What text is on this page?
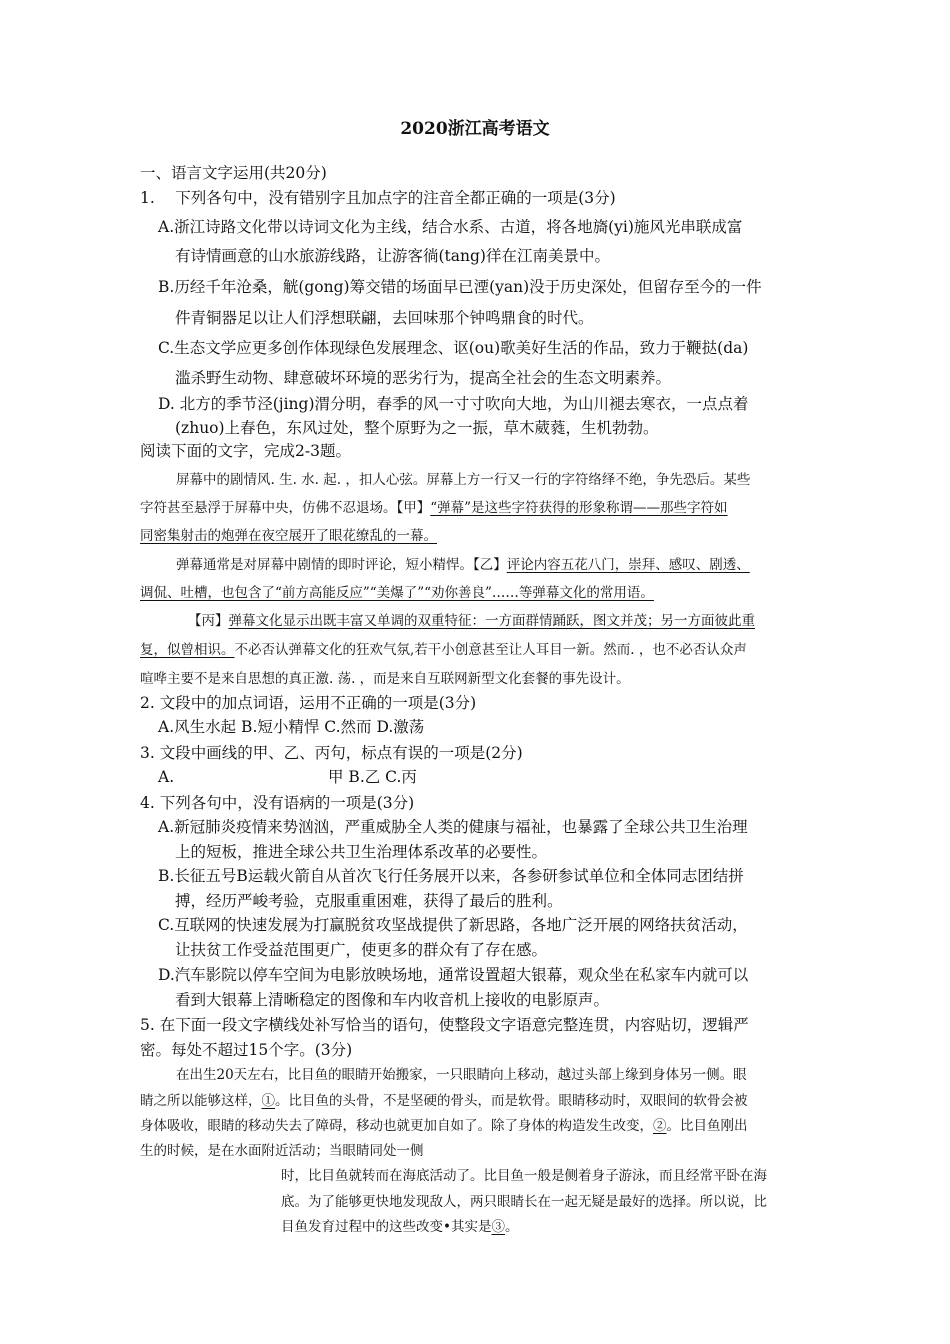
2020浙江高考语文
一、语言文字运用(共20分)
1.　 下列各句中，没有错别字且加点字的注音全都正确的一项是(3分)
A.浙江诗路文化带以诗词文化为主线，结合水系、古道，将各地旖(yi)施风光串联成富
有诗情画意的山水旅游线路，让游客徜(tang)徉在江南美景中。
B.历经千年沧桑，觥(gong)筹交错的场面早已湮(yan)没于历史深处，但留存至今的一件
件青铜器足以让人们浮想联翩，去回味那个钟鸣鼎食的时代。
C.生态文学应更多创作体现绿色发展理念、讴(ou)歌美好生活的作品，致力于鞭挞(da)
滥杀野生动物、肆意破坏环境的恶劣行为，提高全社会的生态文明素养。
D. 北方的季节泾(jing)渭分明，春季的风一寸寸吹向大地，为山川褪去寒衣，一点点着
(zhuo)上春色，东风过处，整个原野为之一振，草木葳蕤，生机勃勃。
阅读下面的文字，完成2-3题。
屏幕中的剧情风. 生. 水. 起. ，扣人心弦。屏幕上方一行又一行的字符络绎不绝，争先恐后。某些
字符甚至悬浮于屏幕中央，仿佛不忍退场。【甲】“弹幕”是这些字符获得的形象称谓——那些字符如
同密集射击的炮弹在夜空展开了眼花缭乱的一幕。
弹幕通常是对屏幕中剧情的即时评论，短小精悍。【乙】评论内容五花八门，崇拜、感叹、剧透、
调侃、吐槽，也包含了“前方高能反应”“美爆了”“劝你善良”……等弹幕文化的常用语。
【丙】弹幕文化显示出既丰富又单调的双重特征：一方面群情踊跃，图文并茂；另一方面彼此重
复，似曾相识。不必否认弹幕文化的狂欢气氛,若干小创意甚至让人耳目一新。然而. ，也不必否认众声
喧哗主要不是来自思想的真正激. 荡. ，而是来自互联网新型文化套餐的事先设计。
2. 文段中的加点词语，运用不正确的一项是(3分)
A.风生水起 B.短小精悍 C.然而 D.激荡
3. 文段中画线的甲、乙、丙句，标点有误的一项是(2分)
A.	甲 B.乙 C.丙
4. 下列各句中，没有语病的一项是(3分)
A.新冠肺炎疫情来势汹汹，严重威胁全人类的健康与福祉，也暴露了全球公共卫生治理
上的短板，推进全球公共卫生治理体系改革的必要性。
B.长征五号B运载火箭自从首次飞行任务展开以来，各参研参试单位和全体同志团结拼
搏，经历严峻考验，克服重重困难，获得了最后的胜利。
C.互联网的快速发展为打赢脱贫攻坚战提供了新思路，各地广泛开展的网络扶贫活动，
让扶贫工作受益范围更广，使更多的群众有了存在感。
D.汽车影院以停车空间为电影放映场地，通常设置超大银幕，观众坐在私家车内就可以
看到大银幕上清晰稳定的图像和车内收音机上接收的电影原声。
5. 在下面一段文字横线处补写恰当的语句，使整段文字语意完整连贯，内容贴切，逻辑严
密。每处不超过15个字。(3分)
在出生20天左右，比目鱼的眼睛开始搬家，一只眼睛向上移动，越过头部上缘到身体另一侧。眼
睛之所以能够这样，①。比目鱼的头骨，不是坚硬的骨头，而是软骨。眼睛移动时，双眼间的软骨会被
身体吸收，眼睛的移动失去了障碍，移动也就更加自如了。除了身体的构造发生改变，②。比目鱼刚出
生的时候，是在水面附近活动；当眼睛同处一侧
时，比目鱼就转而在海底活动了。比目鱼一般是侧着身子游泳，而且经常平卧在海
底。为了能够更快地发现敌人，两只眼睛长在一起无疑是最好的选择。所以说，比
目鱼发育过程中的这些改变•其实是③。
